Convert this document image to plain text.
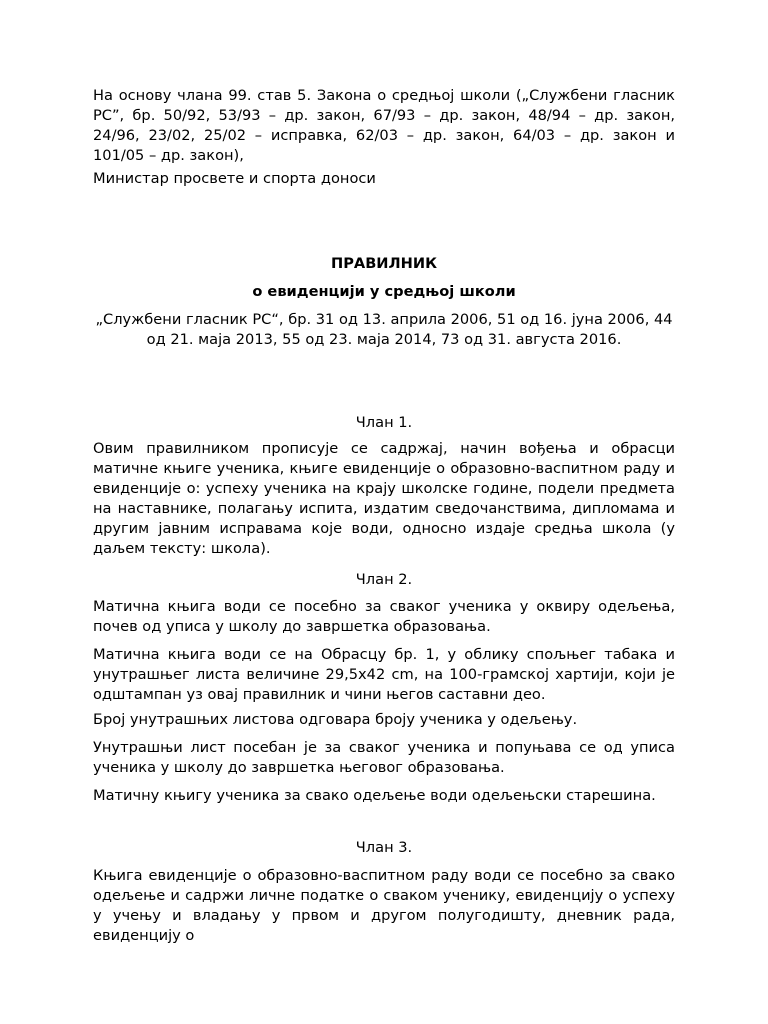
На основу члана 99. став 5. Закона о средњој школи („Службени гласник РС”, бр. 50/92, 53/93 – др. закон, 67/93 – др. закон, 48/94 – др. закон, 24/96, 23/02, 25/02 – исправка, 62/03 – др. закон, 64/03 – др. закон и 101/05 – др. закон),

Министар просвете и спорта доноси

ПРАВИЛНИК

о евиденцији у средњој школи

„Службени гласник РС“, бр. 31 од 13. априла 2006, 51 од 16. јуна 2006, 44

од 21. маја 2013, 55 од 23. маја 2014, 73 од 31. августа 2016.

Члан 1.

Овим правилником прописује се садржај, начин вођења и обрасци матичне књиге ученика, књиге евиденције о образовно-васпитном раду и евиденције о: успеху ученика на крају школске године, подели предмета на наставнике, полагању испита, издатим сведочанствима, дипломама и другим јавним исправама које води, односно издаје средња школа (у даљем тексту: школа).

Члан 2.

Матична књига води се посебно за сваког ученика у оквиру одељења, почев од уписа у школу до завршетка образовања.

Матична књига води се на Обрасцу бр. 1, у облику спољњег табака и унутрашњег листа величине 29,5х42 cm, на 100-грамској хартији, који је одштампан уз овај правилник и чини његов саставни део.

Број унутрашњих листова одговара броју ученика у одељењу.

Унутрашњи лист посебан је за сваког ученика и попуњава се од уписа ученика у школу до завршетка његовог образовања.

Матичну књигу ученика за свако одељење води одељењски старешина.

Члан 3.

Књига евиденције о образовно-васпитном раду води се посебно за свако одељење и садржи личне податке о сваком ученику, евиденцију о успеху у учењу и владању у првом и другом полугодишту, дневник рада, евиденцију о
